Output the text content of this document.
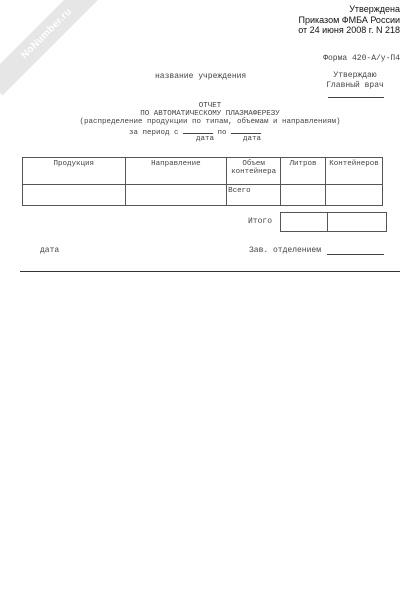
NoNumber.ru	Утверждена
Приказом ФМБА России
от 24 июня 2008 г. N 218
Форма 420-А/у-П4
название учреждения	Утверждаю
Главный врач
ОТЧЕТ
ПО АВТОМАТИЧЕСКОМУ ПЛАЗМАФЕРЕЗУ
(распределение продукции по типам, объемам и направлениям)
за период с	по
дата	дата
Продукция	Направление	Объем контейнера	Литров	Контейнеров
		Всего		
Итого

дата	Зав. отделением
